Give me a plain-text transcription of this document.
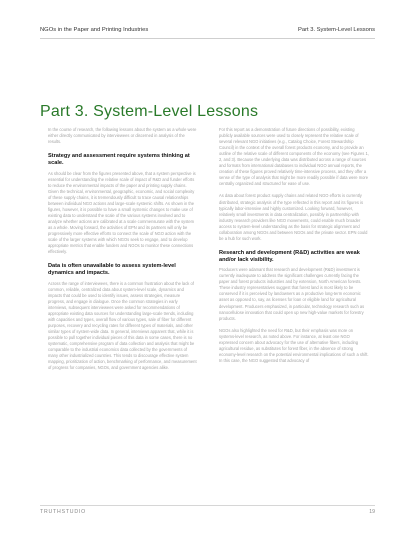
NGOs in the Paper and Printing Industries	Part 3. System-Level Lessons
Part 3. System-Level Lessons

In the course of research, the following lessons about the system as a whole were either directly communicated by interviewees or discerned in analysis of the results.

Strategy and assessment require systems thinking at scale.

As should be clear from the figures presented above, that a system perspective is essential for understanding the relative scale of impact of R&D and funder efforts to reduce the environmental impacts of the paper and printing supply chains. Given the technical, environmental, geographic, economic, and social complexity of these supply chains, it is tremendously difficult to trace causal relationships between individual NGO actions and large-scale systemic shifts. As shown in the figures, however, it is possible to have a small systemic changes to make use of existing data to understand the scale of the various systems involved and to analyze whether actions are calibrated at a scale commensurate with the system as a whole. Moving forward, the activities of EPN and its partners will only be progressively more effective efforts to connect the scale of NGO action with the scale of the larger systems with which NGOs seek to engage, and to develop appropriate metrics that enable funders and NGOs to monitor these connections effectively.

Data is often unavailable to assess system-level dynamics and impacts.

Across the range of interviewees, there is a common frustration about the lack of common, reliable, centralized data about system-level scale, dynamics and impacts that could be used to identify issues, assess strategies, measure progress, and engage in dialogue. Once the common strategies in early interviews, subsequent interviewees were asked for recommendations of appropriate existing data sources for understanding large-scale trends, including with capacities and types, overall flow of various types, sale of fiber for different purposes, recovery and recycling rates for different types of materials, and other similar types of system-wide data. In general, interviews apparent that, while it is possible to pull together individual pieces of this data in some cases, there is no systematic, comprehensive program of data collection and analysis that might be comparable to the industrial economics data collected by the governments of many other industrialized countries. This tends to discourage effective system mapping, prioritization of action, benchmarking of performance, and measurement of progress for companies, NGOs, and government agencies alike.

For this report as a demonstration of future directions of possibility, existing publicly available sources were used to closely represent the relative scale of several relevant NGO initiatives (e.g., Catalog Choice, Forest Stewardship Council) in the context of the overall forest products economy, and to provide an outline of the relative scale of different components of the economy (see Figures 1, 2, and 3). Because the underlying data was distributed across a range of sources and formats from international databases to individual NGO annual reports, the creation of these figures proved relatively time-intensive process, and they offer a sense of the type of analysis that might be more readily possible if data were more centrally organized and structured for ease of use.

As data about forest product supply chains and related NGO efforts is currently distributed, strategic analysis of the type reflected in this report and its figures is typically labor-intensive and highly customized. Looking forward, however, relatively small investments in data centralization, possibly in partnership with industry research providers like NGO movements, could enable much broader access to system-level understanding as the basis for strategic alignment and collaboration among NGOs and between NGOs and the private sector. EPN could be a hub for such work.

Research and development (R&D) activities are weak and/or lack visibility.

Producers were adamant that research and development (R&D) investment is currently inadequate to address the significant challenges currently facing the paper and forest products industries and by extension, North American forests. These industry representatives suggest that forest land is most likely to be conserved if it is perceived by landowners as a productive long-term economic asset as opposed to, say, as licenses for loan or eligible land for agricultural development. Producers emphasized, in particular, technology research such as nanocellulose innovation that could open up new high-value markets for forestry products.

NGOs also highlighted the need for R&D, but their emphasis was more on systems-level research, as noted above. For instance, at least one NGO expressed concern about advocacy for the use of alternative fibers, including agricultural residue, as substitutes for forest fiber, in the absence of strong economy-level research on the potential environmental implications of such a shift. In this case, the NGO suggested that advocacy of

TRUTHSTUDIO	19
